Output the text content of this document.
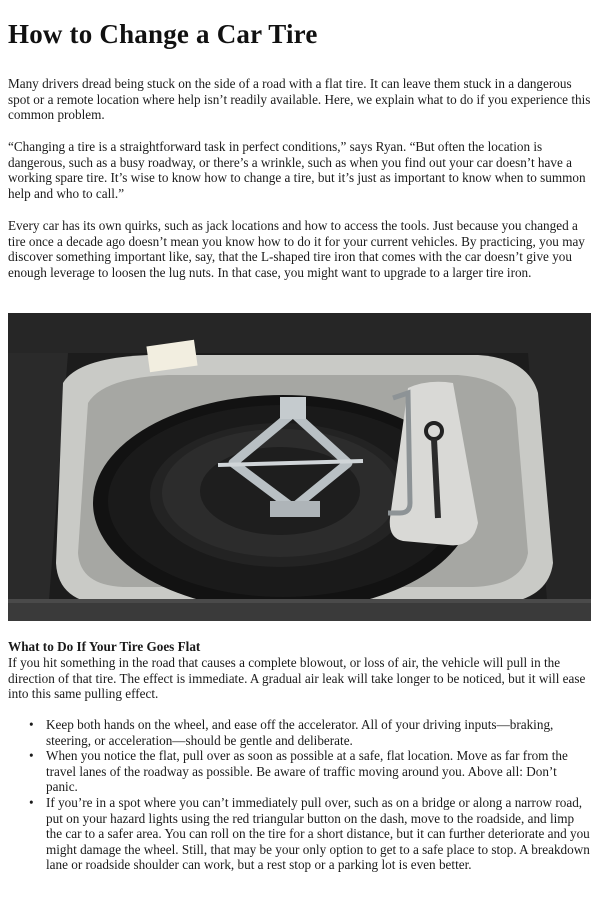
How to Change a Car Tire

Many drivers dread being stuck on the side of a road with a flat tire. It can leave them stuck in a dangerous spot or a remote location where help isn’t readily available. Here, we explain what to do if you experience this common problem.

“Changing a tire is a straightforward task in perfect conditions,” says Ryan. “But often the location is dangerous, such as a busy roadway, or there’s a wrinkle, such as when you find out your car doesn’t have a working spare tire. It’s wise to know how to change a tire, but it’s just as important to know when to summon help and who to call.”

Every car has its own quirks, such as jack locations and how to access the tools. Just because you changed a tire once a decade ago doesn’t mean you know how to do it for your current vehicles. By practicing, you may discover something important like, say, that the L-shaped tire iron that comes with the car doesn’t give you enough leverage to loosen the lug nuts. In that case, you might want to upgrade to a larger tire iron.

What to Do If Your Tire Goes Flat

If you hit something in the road that causes a complete blowout, or loss of air, the vehicle will pull in the direction of that tire. The effect is immediate. A gradual air leak will take longer to be noticed, but it will ease into this same pulling effect.

• Keep both hands on the wheel, and ease off the accelerator. All of your driving inputs—braking, steering, or acceleration—should be gentle and deliberate.
• When you notice the flat, pull over as soon as possible at a safe, flat location. Move as far from the travel lanes of the roadway as possible. Be aware of traffic moving around you. Above all: Don’t panic.
• If you’re in a spot where you can’t immediately pull over, such as on a bridge or along a narrow road, put on your hazard lights using the red triangular button on the dash, move to the roadside, and limp the car to a safer area. You can roll on the tire for a short distance, but it can further deteriorate and you might damage the wheel. Still, that may be your only option to get to a safe place to stop. A breakdown lane or roadside shoulder can work, but a rest stop or a parking lot is even better.
